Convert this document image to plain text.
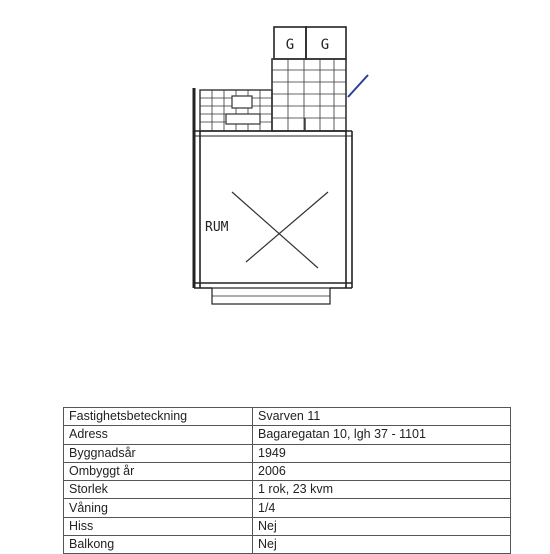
G G
RUM
Fastighetsbeteckning	Svarven 11
Adress	Bagaregatan 10, lgh 37 - 1101
Byggnadsår	1949
Ombyggt år	2006
Storlek	1 rok, 23 kvm
Våning	1/4
Hiss	Nej
Balkong	Nej
